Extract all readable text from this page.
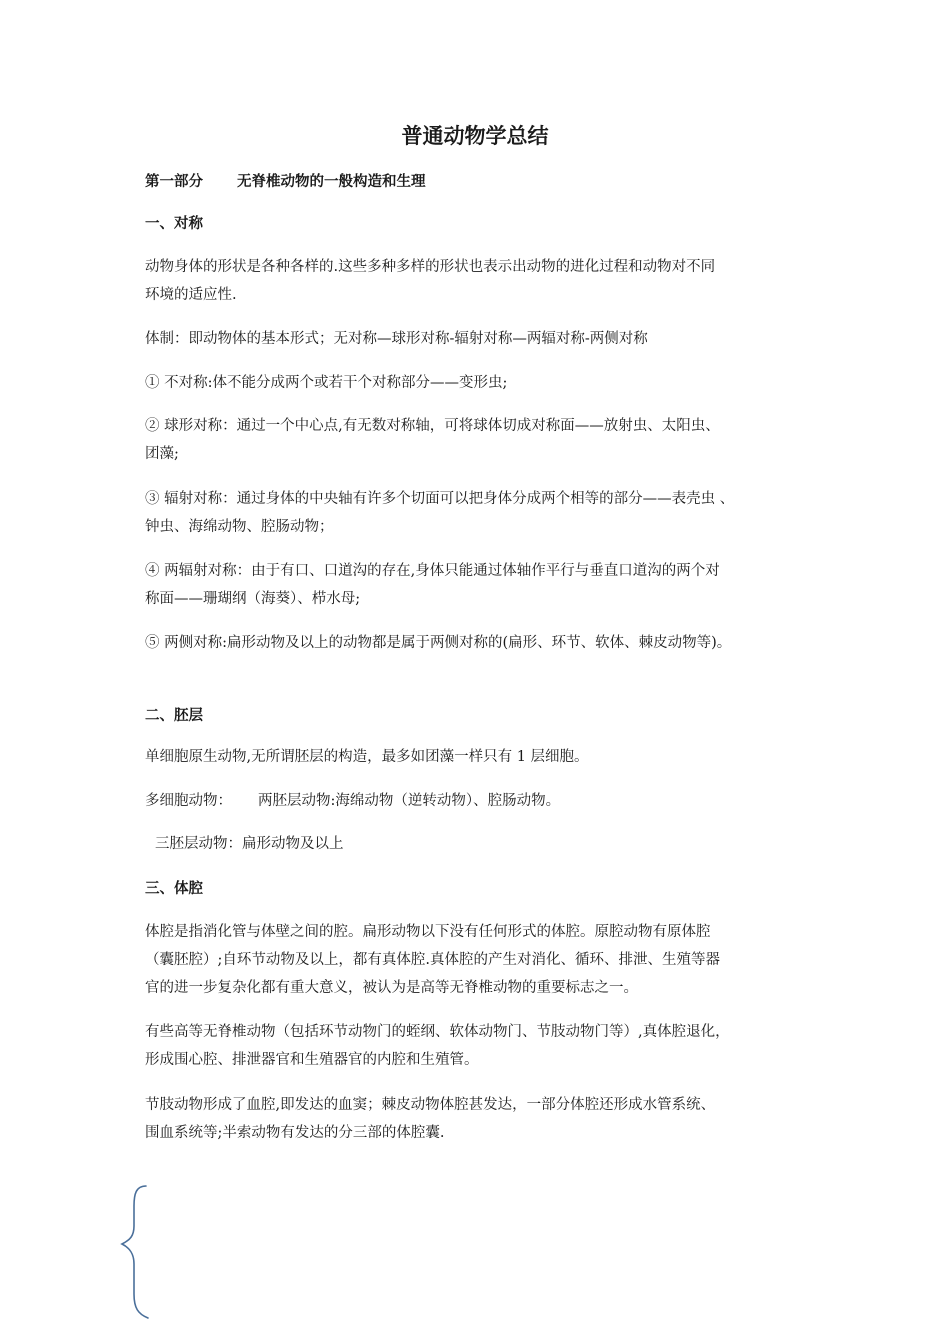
普通动物学总结
第一部分 无脊椎动物的一般构造和生理
一、对称
动物身体的形状是各种各样的.这些多种多样的形状也表示出动物的进化过程和动物对不同
环境的适应性.
体制：即动物体的基本形式；无对称—球形对称-辐射对称—两辐对称-两侧对称
① 不对称:体不能分成两个或若干个对称部分——变形虫;
② 球形对称：通过一个中心点,有无数对称轴，可将球体切成对称面——放射虫、太阳虫、
团藻;
③ 辐射对称：通过身体的中央轴有许多个切面可以把身体分成两个相等的部分——表壳虫 、
钟虫、海绵动物、腔肠动物；
④ 两辐射对称：由于有口、口道沟的存在,身体只能通过体轴作平行与垂直口道沟的两个对
称面——珊瑚纲（海葵）、栉水母;
⑤ 两侧对称:扁形动物及以上的动物都是属于两侧对称的(扁形、环节、软体、棘皮动物等)。
二、胚层
单细胞原生动物,无所谓胚层的构造，最多如团藻一样只有 1 层细胞。
多细胞动物： 两胚层动物:海绵动物（逆转动物）、腔肠动物。
三胚层动物：扁形动物及以上
三、体腔
体腔是指消化管与体壁之间的腔。扁形动物以下没有任何形式的体腔。原腔动物有原体腔
（囊胚腔）;自环节动物及以上，都有真体腔.真体腔的产生对消化、循环、排泄、生殖等器
官的进一步复杂化都有重大意义，被认为是高等无脊椎动物的重要标志之一。
有些高等无脊椎动物（包括环节动物门的蛭纲、软体动物门、节肢动物门等）,真体腔退化，
形成围心腔、排泄器官和生殖器官的内腔和生殖管。
节肢动物形成了血腔,即发达的血窦；棘皮动物体腔甚发达，一部分体腔还形成水管系统、
围血系统等;半索动物有发达的分三部的体腔囊.
